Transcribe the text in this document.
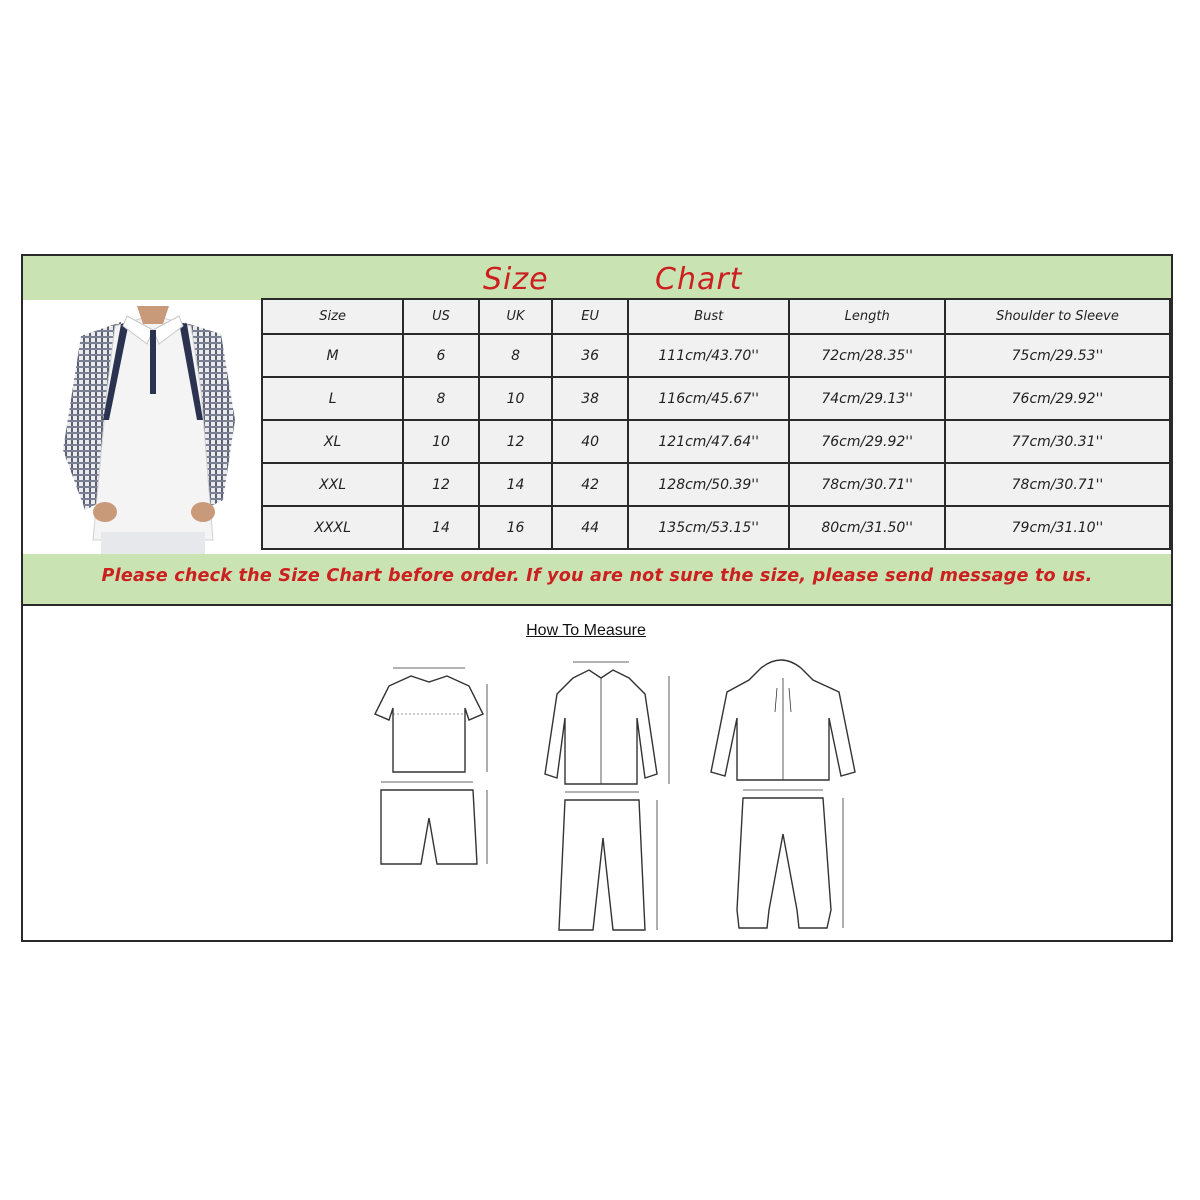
Size	Chart
Size	US	UK	EU	Bust	Length	Shoulder to Sleeve
M	6	8	36	111cm/43.70''	72cm/28.35''	75cm/29.53''
L	8	10	38	116cm/45.67''	74cm/29.13''	76cm/29.92''
XL	10	12	40	121cm/47.64''	76cm/29.92''	77cm/30.31''
XXL	12	14	42	128cm/50.39''	78cm/30.71''	78cm/30.71''
XXXL	14	16	44	135cm/53.15''	80cm/31.50''	79cm/31.10''
Please check the Size Chart before order. If you are not sure the size, please send message to us.
How To Measure
